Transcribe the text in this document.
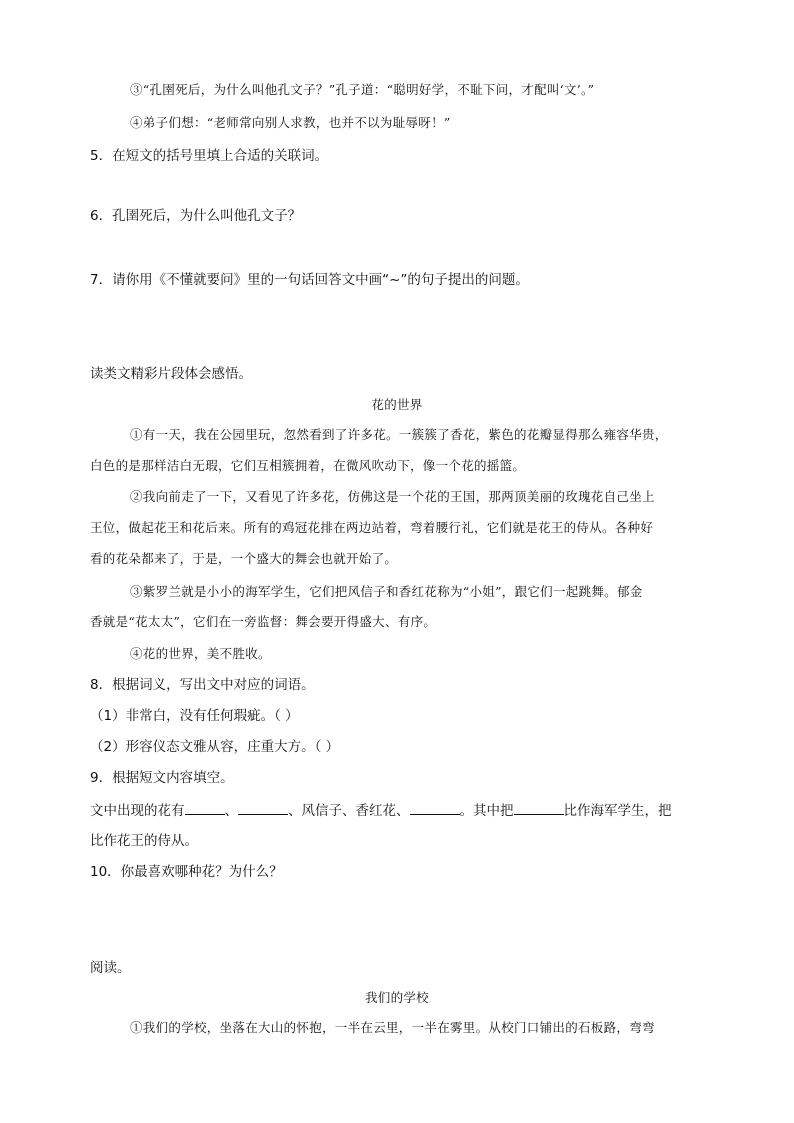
③“孔圉死后，为什么叫他孔文子？”孔子道：“聪明好学，不耻下问，才配叫‘文’。”
④弟子们想：“老师常向别人求教，也并不以为耻辱呀！”
5．在短文的括号里填上合适的关联词。
6．孔圉死后，为什么叫他孔文子？
7．请你用《不懂就要问》里的一句话回答文中画“~”的句子提出的问题。
读类文精彩片段体会感悟。
花的世界
①有一天，我在公园里玩，忽然看到了许多花。一簇簇了香花，紫色的花瓣显得那么雍容华贵，
白色的是那样洁白无瑕，它们互相簇拥着，在微风吹动下，像一个花的摇篮。
②我向前走了一下，又看见了许多花，仿佛这是一个花的王国，那两顶美丽的玫瑰花自己坐上
王位，做起花王和花后来。所有的鸡冠花排在两边站着，弯着腰行礼，它们就是花王的侍从。各种好
看的花朵都来了，于是，一个盛大的舞会也就开始了。
③紫罗兰就是小小的海军学生，它们把风信子和香红花称为“小姐”，跟它们一起跳舞。郁金
香就是“花太太”，它们在一旁监督：舞会要开得盛大、有序。
④花的世界，美不胜收。
8．根据词义，写出文中对应的词语。
（1）非常白，没有任何瑕疵。（ ）
（2）形容仪态文雅从容，庄重大方。（ ）
9．根据短文内容填空。
文中出现的花有	、	、风信子、香红花、	。其中把	比作海军学生，把
比作花王的侍从。
10．你最喜欢哪种花？为什么？
阅读。
我们的学校
①我们的学校，坐落在大山的怀抱，一半在云里，一半在雾里。从校门口铺出的石板路，弯弯
